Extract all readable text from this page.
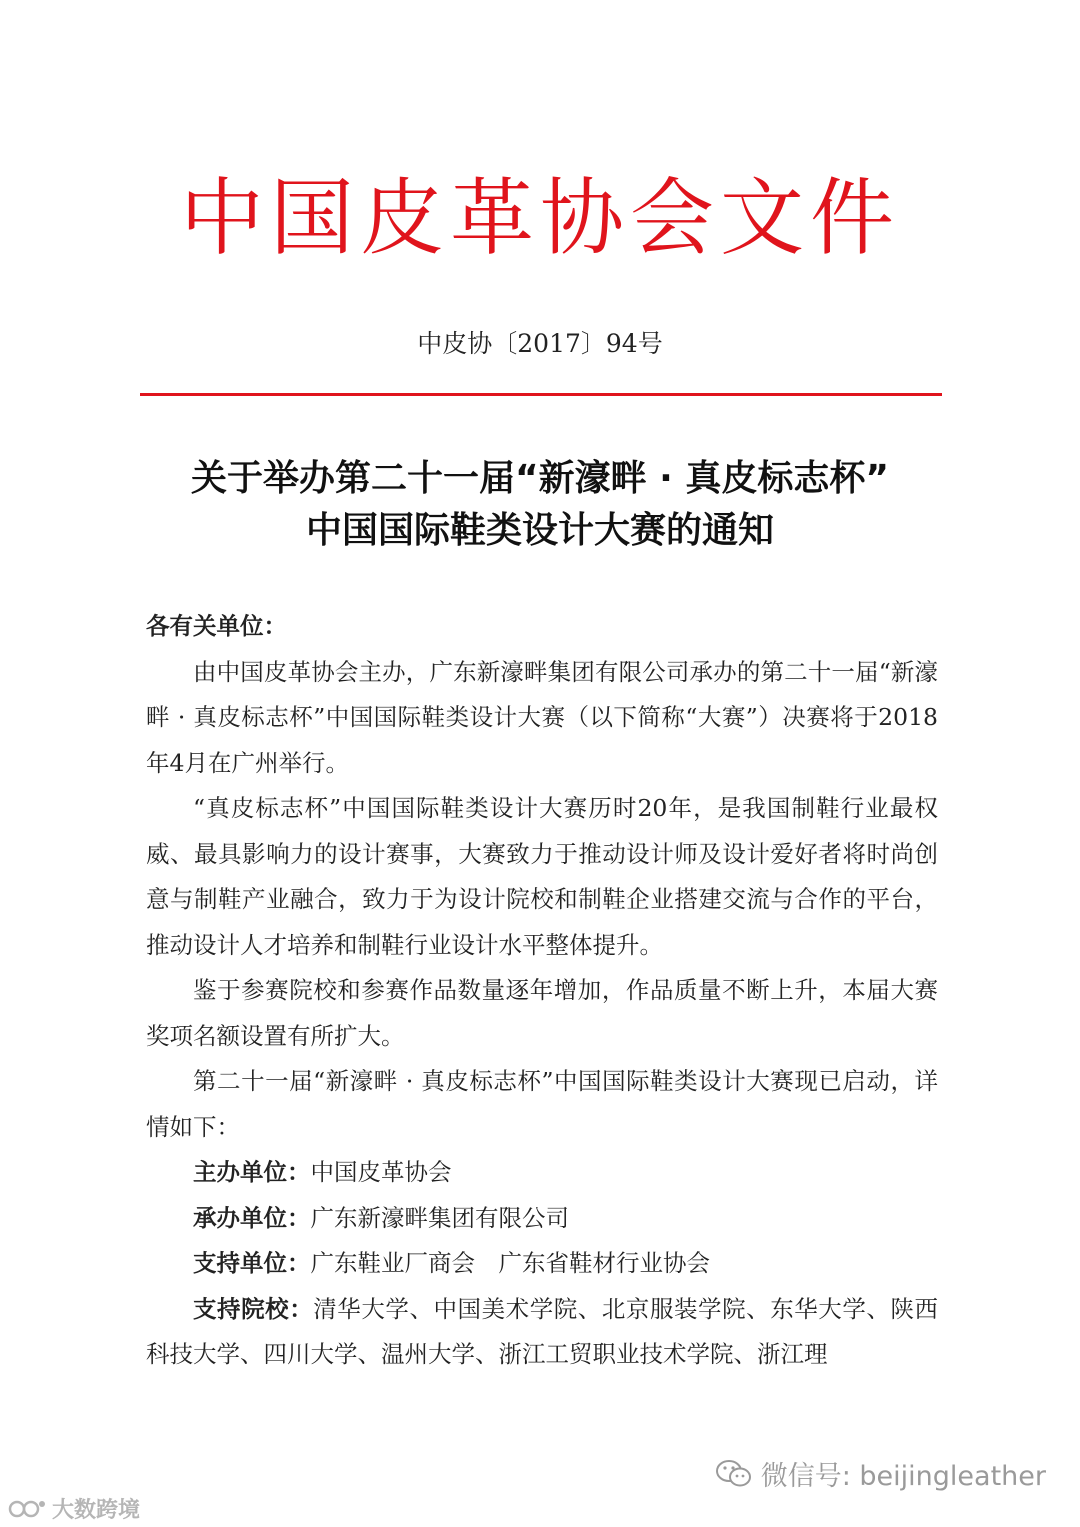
中国皮革协会文件
中皮协〔2017〕94号
关于举办第二十一届“新濠畔 · 真皮标志杯”
中国国际鞋类设计大赛的通知
各有关单位：

由中国皮革协会主办，广东新濠畔集团有限公司承办的第二十一届“新濠畔 · 真皮标志杯”中国国际鞋类设计大赛（以下简称“大赛”）决赛将于2018年4月在广州举行。

“真皮标志杯”中国国际鞋类设计大赛历时20年，是我国制鞋行业最权威、最具影响力的设计赛事，大赛致力于推动设计师及设计爱好者将时尚创意与制鞋产业融合，致力于为设计院校和制鞋企业搭建交流与合作的平台，推动设计人才培养和制鞋行业设计水平整体提升。

鉴于参赛院校和参赛作品数量逐年增加，作品质量不断上升，本届大赛奖项名额设置有所扩大。

第二十一届“新濠畔 · 真皮标志杯”中国国际鞋类设计大赛现已启动，详情如下：

主办单位：中国皮革协会

承办单位：广东新濠畔集团有限公司

支持单位：广东鞋业厂商会　广东省鞋材行业协会

支持院校：清华大学、中国美术学院、北京服装学院、东华大学、陕西科技大学、四川大学、温州大学、浙江工贸职业技术学院、浙江理

微信号: beijingleather
大数跨境
